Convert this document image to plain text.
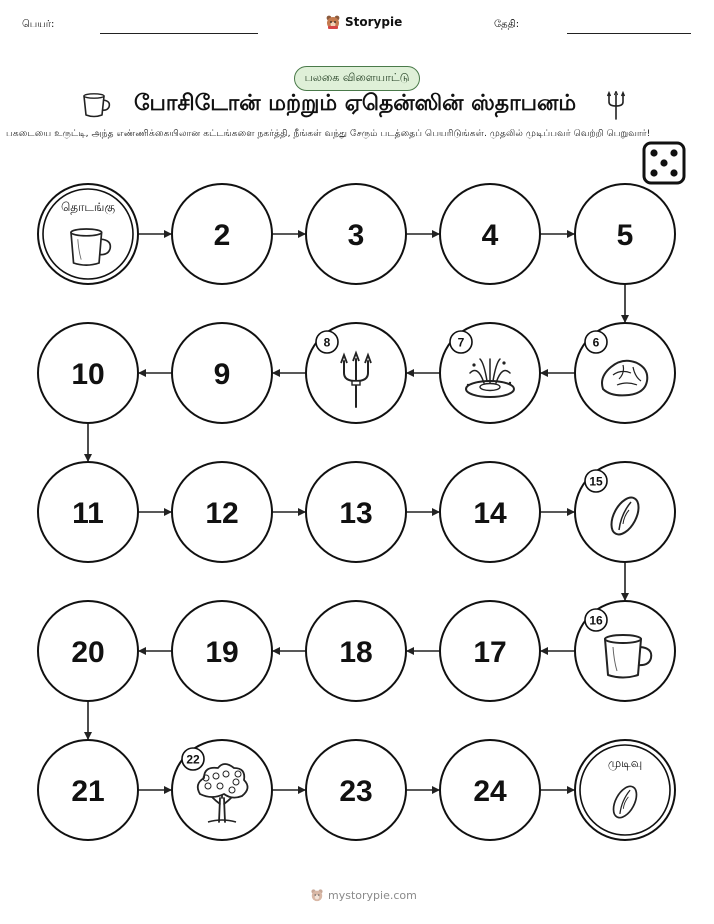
பெயர்:	Storypie	தேதி:
பலகை விளையாட்டு
போசிடோன் மற்றும் ஏதென்ஸின் ஸ்தாபனம்
பகடையை உருட்டி, அந்த எண்ணிக்கையிலான கட்டங்களை நகர்த்தி, நீங்கள் வந்து சேரும் படத்தைப் பெயரிடுங்கள். முதலில் முடிப்பவர் வெற்றி பெறுவார்!
தொடங்கு
2	3	4	5
6
7
8
9
10
11	12	13	14
15
16
17
18
19
20
21
22
23	24
முடிவு
mystorypie.com
